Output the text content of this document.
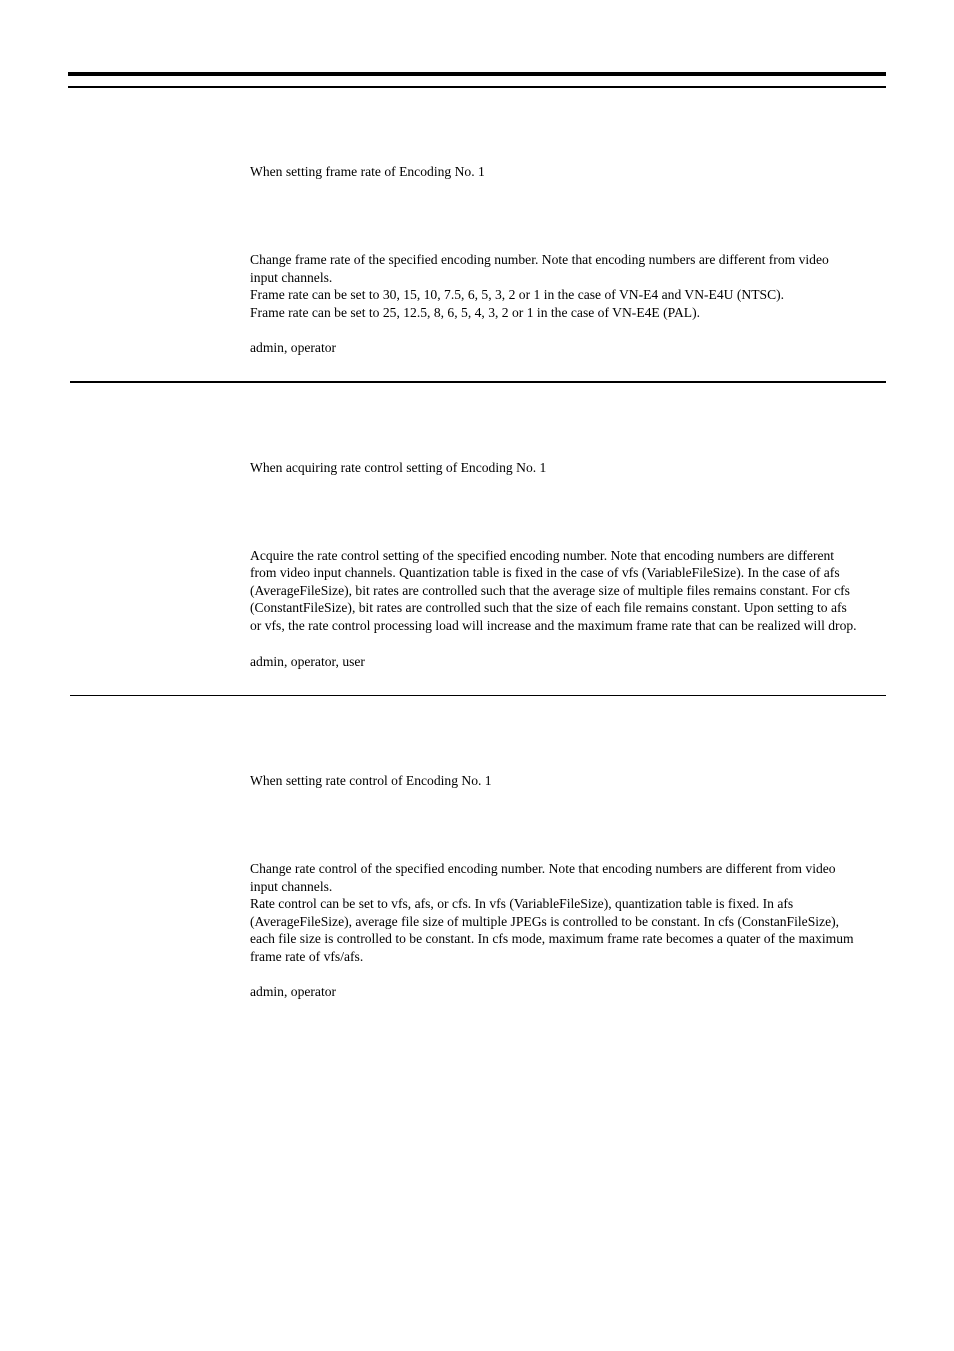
When setting frame rate of Encoding No. 1

Change frame rate of the specified encoding number. Note that encoding numbers are different from video

input channels.

Frame rate can be set to 30, 15, 10, 7.5, 6, 5, 3, 2 or 1 in the case of VN-E4 and VN-E4U (NTSC).

Frame rate can be set to 25, 12.5, 8, 6, 5, 4, 3, 2 or 1 in the case of VN-E4E (PAL).

admin, operator

When acquiring rate control setting of Encoding No. 1

Acquire the rate control setting of the specified encoding number. Note that encoding numbers are different

from video input channels. Quantization table is fixed in the case of vfs (VariableFileSize). In the case of afs

(AverageFileSize), bit rates are controlled such that the average size of multiple files remains constant. For cfs

(ConstantFileSize), bit rates are controlled such that the size of each file remains constant. Upon setting to afs

or vfs, the rate control processing load will increase and the maximum frame rate that can be realized will drop.

admin, operator, user

When setting rate control of Encoding No. 1

Change rate control of the specified encoding number. Note that encoding numbers are different from video

input channels.

Rate control can be set to vfs, afs, or cfs. In vfs (VariableFileSize), quantization table is fixed. In afs

(AverageFileSize), average file size of multiple JPEGs is controlled to be constant. In cfs (ConstanFileSize),

each file size is controlled to be constant. In cfs mode, maximum frame rate becomes a quater of the maximum

frame rate of vfs/afs.

admin, operator
